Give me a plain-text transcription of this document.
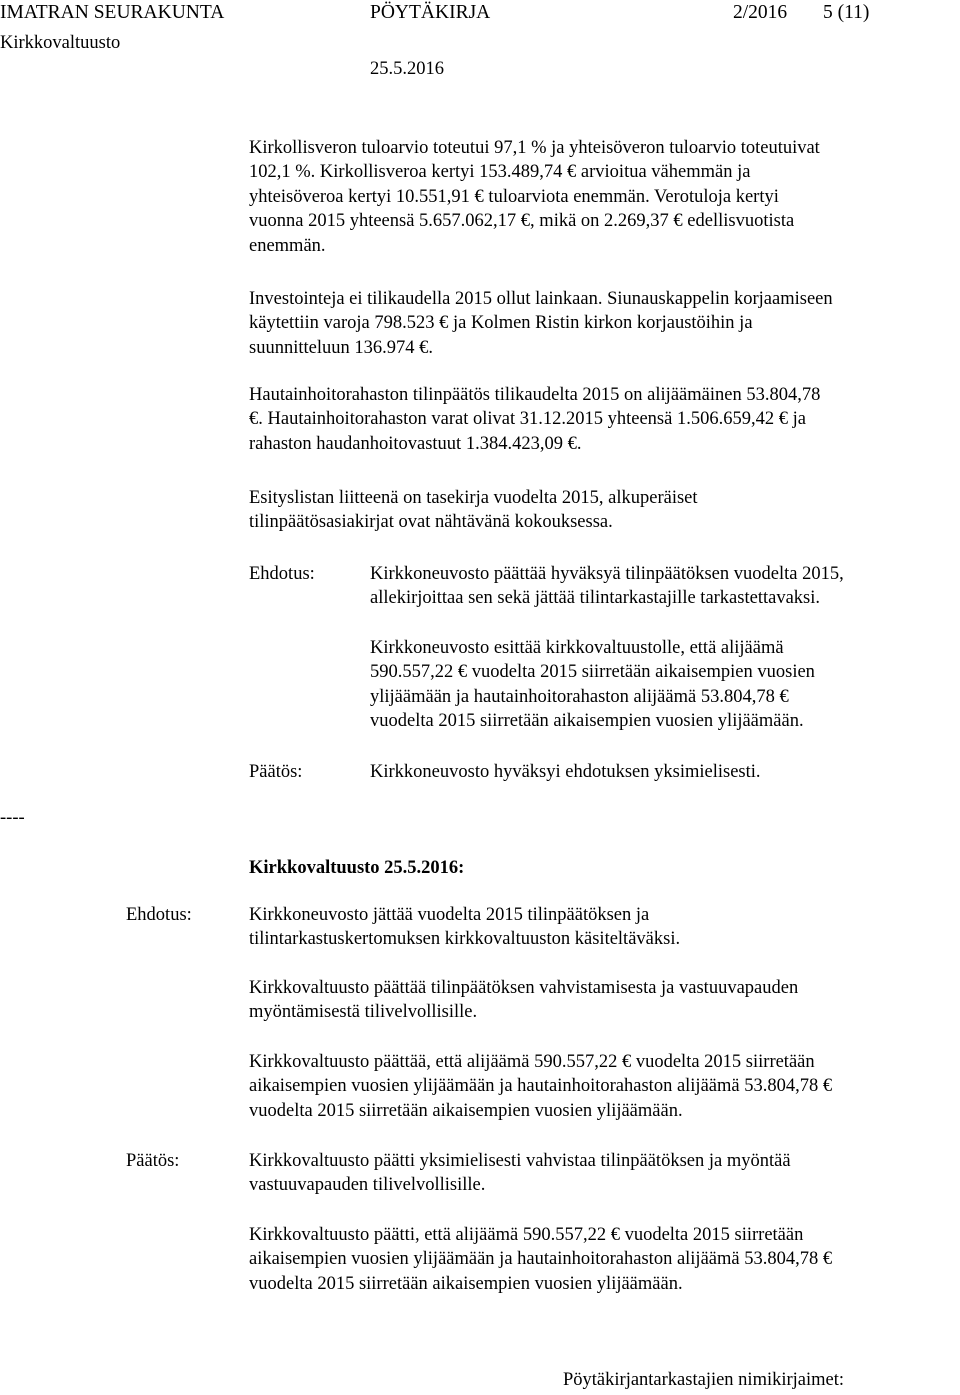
IMATRAN SEURAKUNTA	PÖYTÄKIRJA	2/2016 5 (11)
Kirkkovaltuusto
25.5.2016
Kirkollisveron tuloarvio toteutui 97,1 % ja yhteisöveron tuloarvio toteutuivat
102,1 %. Kirkollisveroa kertyi 153.489,74 € arvioitua vähemmän ja
yhteisöveroa kertyi 10.551,91 € tuloarviota enemmän. Verotuloja kertyi
vuonna 2015 yhteensä 5.657.062,17 €, mikä on 2.269,37 € edellisvuotista
enemmän.
Investointeja ei tilikaudella 2015 ollut lainkaan. Siunauskappelin korjaamiseen
käytettiin varoja 798.523 € ja Kolmen Ristin kirkon korjaustöihin ja
suunnitteluun 136.974 €.
Hautainhoitorahaston tilinpäätös tilikaudelta 2015 on alijäämäinen 53.804,78
€. Hautainhoitorahaston varat olivat 31.12.2015 yhteensä 1.506.659,42 € ja
rahaston haudanhoitovastuut 1.384.423,09 €.
Esityslistan liitteenä on tasekirja vuodelta 2015, alkuperäiset
tilinpäätösasiakirjat ovat nähtävänä kokouksessa.
Ehdotus:	Kirkkoneuvosto päättää hyväksyä tilinpäätöksen vuodelta 2015,
allekirjoittaa sen sekä jättää tilintarkastajille tarkastettavaksi.
Kirkkoneuvosto esittää kirkkovaltuustolle, että alijäämä
590.557,22 € vuodelta 2015 siirretään aikaisempien vuosien
ylijäämään ja hautainhoitorahaston alijäämä 53.804,78 €
vuodelta 2015 siirretään aikaisempien vuosien ylijäämään.
Päätös:	Kirkkoneuvosto hyväksyi ehdotuksen yksimielisesti.
----
Kirkkovaltuusto 25.5.2016:
Ehdotus:	Kirkkoneuvosto jättää vuodelta 2015 tilinpäätöksen ja
tilintarkastuskertomuksen kirkkovaltuuston käsiteltäväksi.
Kirkkovaltuusto päättää tilinpäätöksen vahvistamisesta ja vastuuvapauden
myöntämisestä tilivelvollisille.
Kirkkovaltuusto päättää, että alijäämä 590.557,22 € vuodelta 2015 siirretään
aikaisempien vuosien ylijäämään ja hautainhoitorahaston alijäämä 53.804,78 €
vuodelta 2015 siirretään aikaisempien vuosien ylijäämään.
Päätös:	Kirkkovaltuusto päätti yksimielisesti vahvistaa tilinpäätöksen ja myöntää
vastuuvapauden tilivelvollisille.
Kirkkovaltuusto päätti, että alijäämä 590.557,22 € vuodelta 2015 siirretään
aikaisempien vuosien ylijäämään ja hautainhoitorahaston alijäämä 53.804,78 €
vuodelta 2015 siirretään aikaisempien vuosien ylijäämään.
Pöytäkirjantarkastajien nimikirjaimet:
